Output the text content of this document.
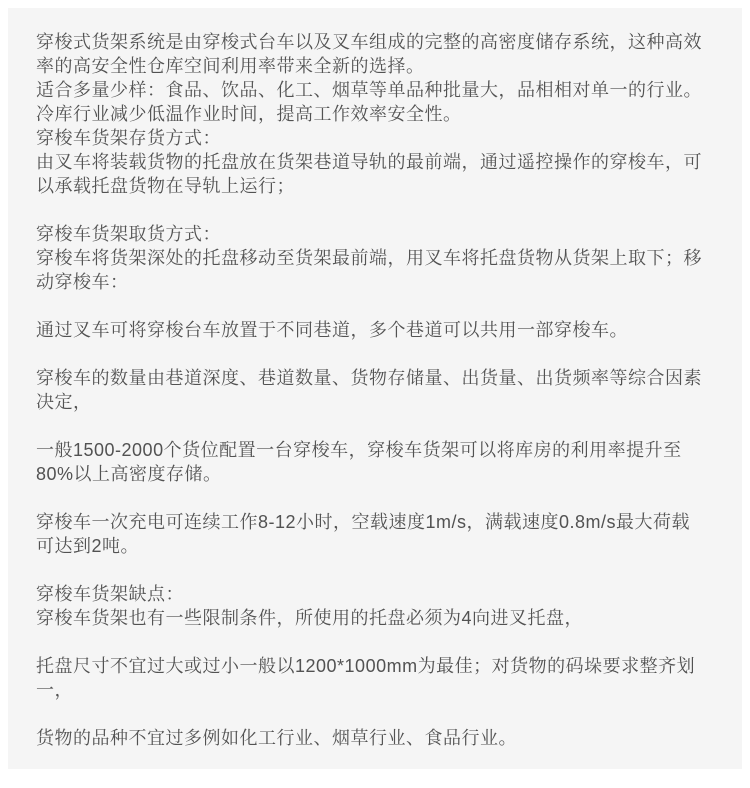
穿梭式货架系统是由穿梭式台车以及叉车组成的完整的高密度储存系统，这种高效
率的高安全性仓库空间利用率带来全新的选择。
适合多量少样：食品、饮品、化工、烟草等单品种批量大，品相相对单一的行业。
冷库行业减少低温作业时间，提高工作效率安全性。
穿梭车货架存货方式：
由叉车将装载货物的托盘放在货架巷道导轨的最前端，通过遥控操作的穿梭车，可
以承载托盘货物在导轨上运行；
穿梭车货架取货方式：
穿梭车将货架深处的托盘移动至货架最前端，用叉车将托盘货物从货架上取下；移
动穿梭车：
通过叉车可将穿梭台车放置于不同巷道，多个巷道可以共用一部穿梭车。
穿梭车的数量由巷道深度、巷道数量、货物存储量、出货量、出货频率等综合因素
决定，
一般1500-2000个货位配置一台穿梭车，穿梭车货架可以将库房的利用率提升至
80%以上高密度存储。
穿梭车一次充电可连续工作8-12小时，空载速度1m/s，满载速度0.8m/s最大荷载
可达到2吨。
穿梭车货架缺点：
穿梭车货架也有一些限制条件，所使用的托盘必须为4向进叉托盘，
托盘尺寸不宜过大或过小一般以1200*1000mm为最佳；对货物的码垛要求整齐划
一，
货物的品种不宜过多例如化工行业、烟草行业、食品行业。
